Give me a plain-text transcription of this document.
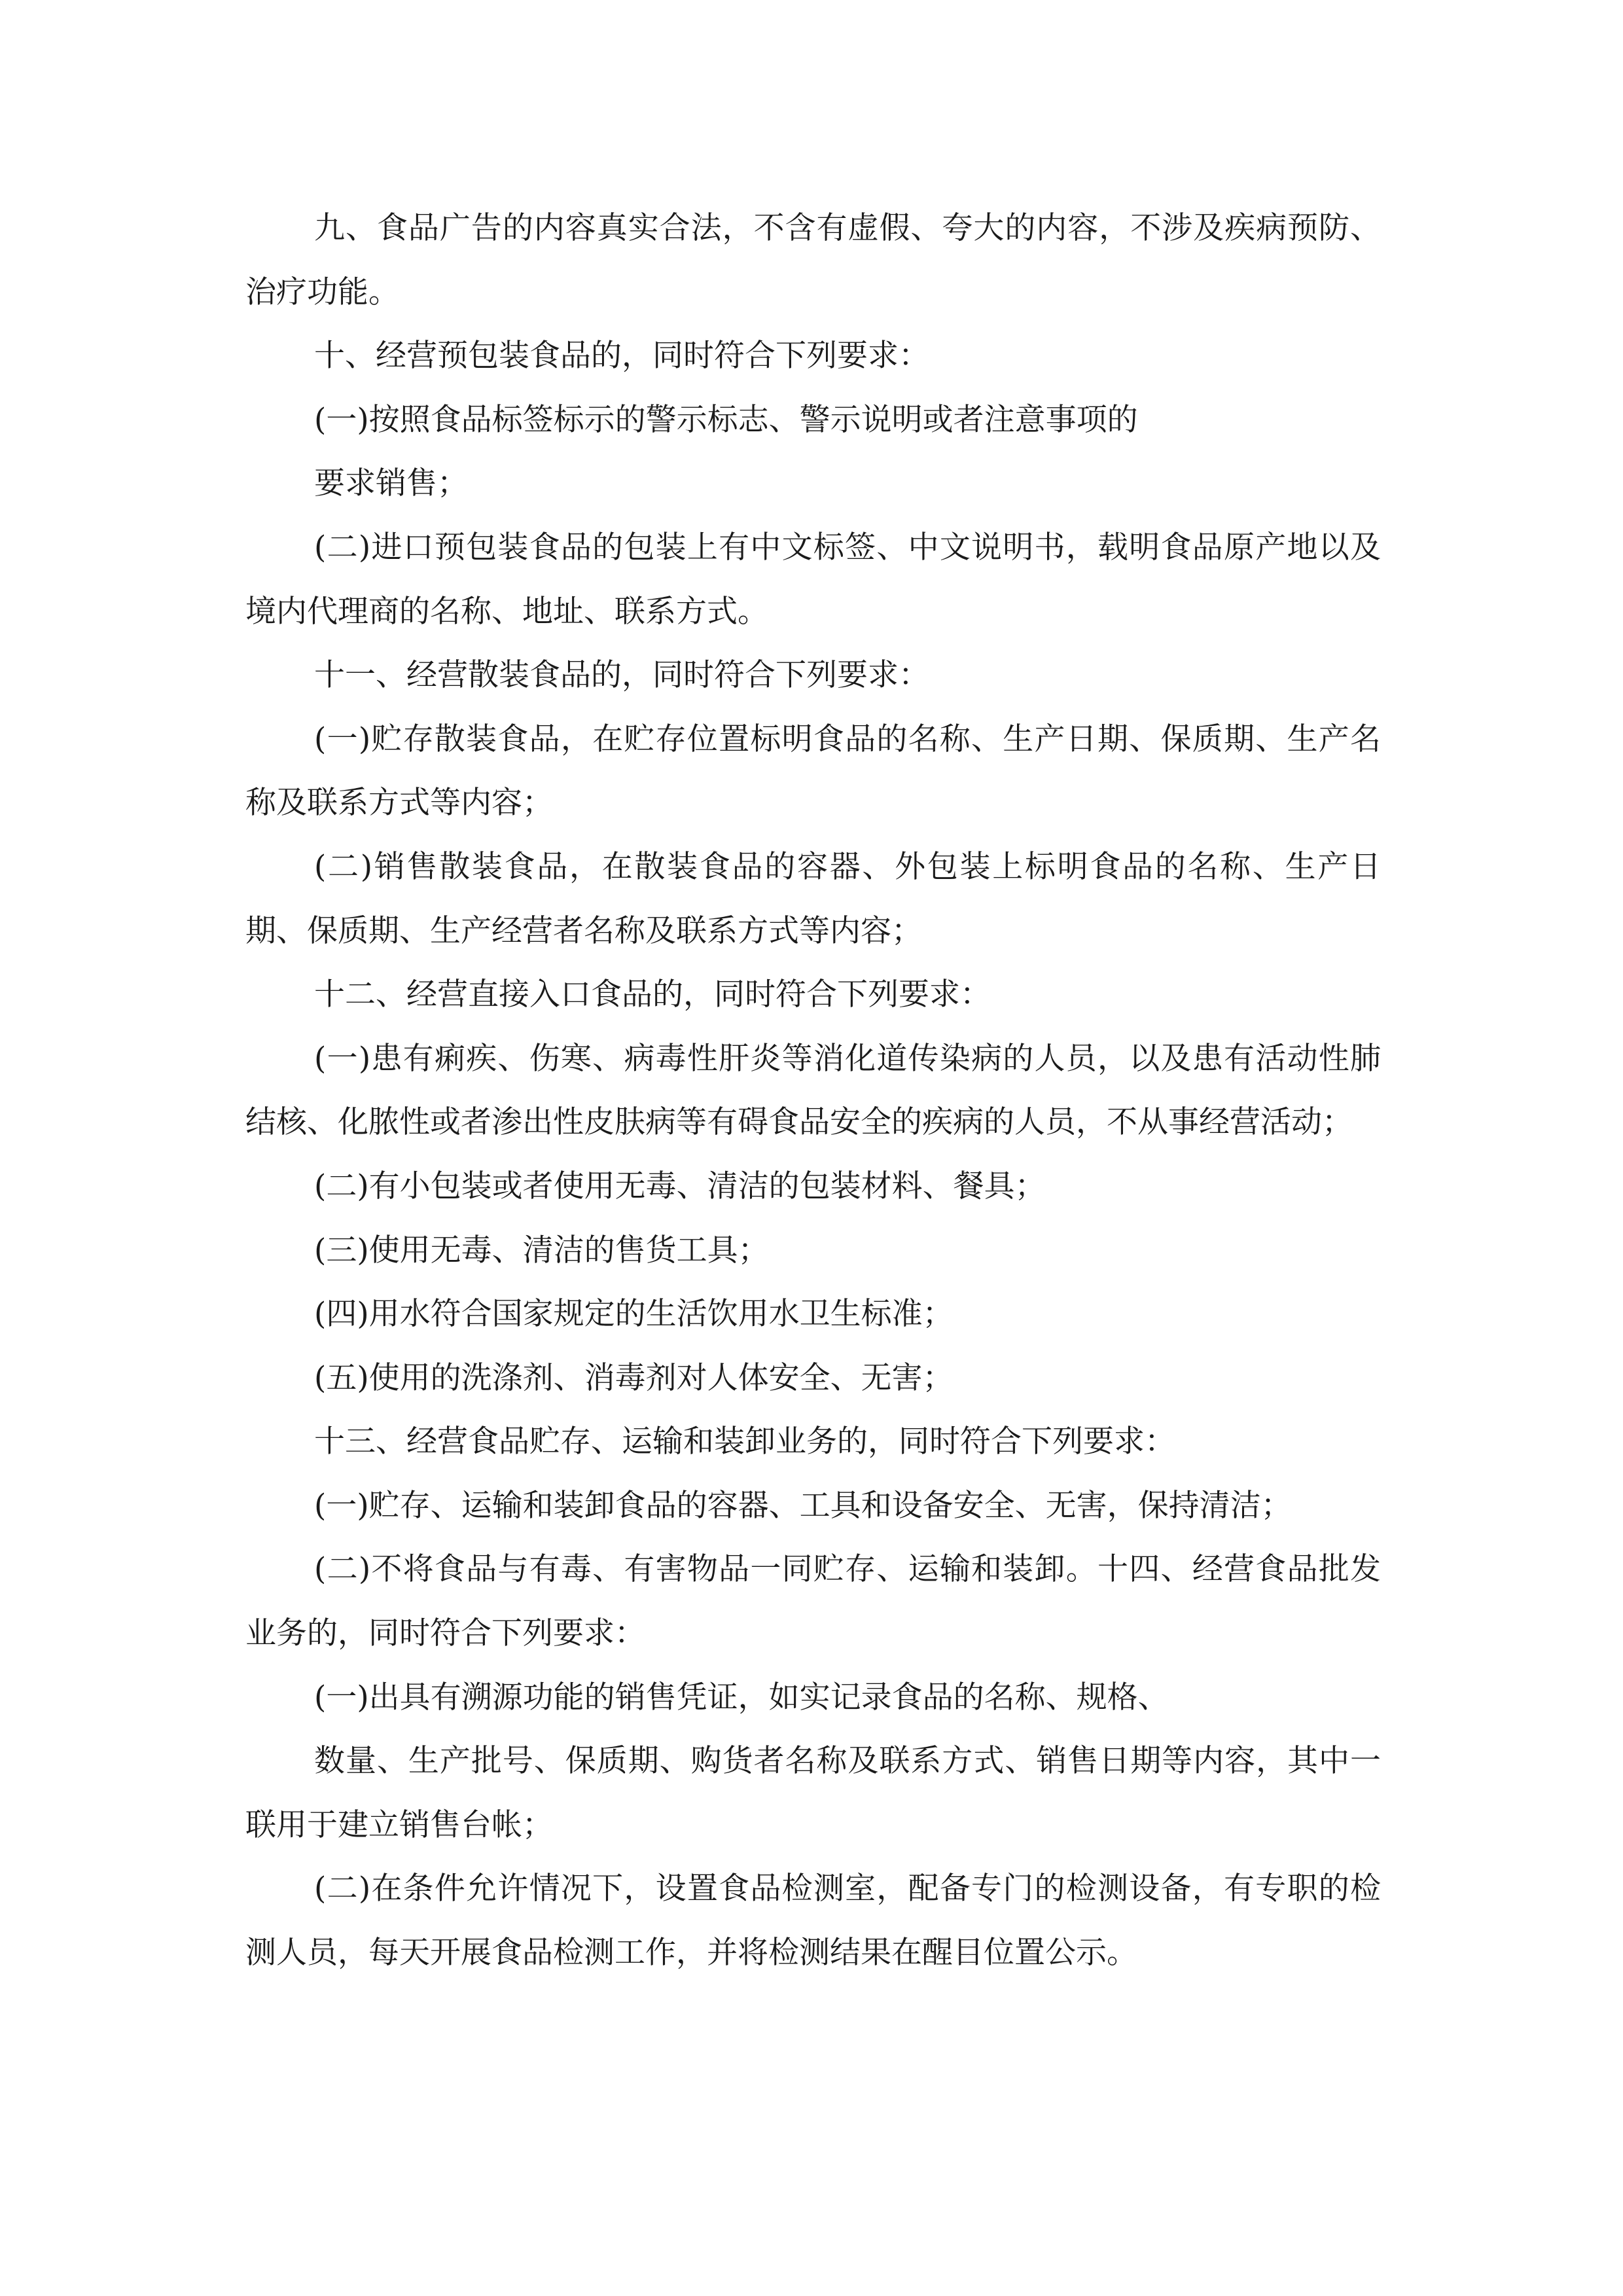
九、食品广告的内容真实合法，不含有虚假、夸大的内容，不涉及疾病预防、治疗功能。

十、经营预包装食品的，同时符合下列要求：

(一)按照食品标签标示的警示标志、警示说明或者注意事项的

要求销售；

(二)进口预包装食品的包装上有中文标签、中文说明书，载明食品原产地以及境内代理商的名称、地址、联系方式。

十一、经营散装食品的，同时符合下列要求：

(一)贮存散装食品，在贮存位置标明食品的名称、生产日期、保质期、生产名称及联系方式等内容；

(二)销售散装食品，在散装食品的容器、外包装上标明食品的名称、生产日期、保质期、生产经营者名称及联系方式等内容；

十二、经营直接入口食品的，同时符合下列要求：

(一)患有痢疾、伤寒、病毒性肝炎等消化道传染病的人员，以及患有活动性肺结核、化脓性或者渗出性皮肤病等有碍食品安全的疾病的人员，不从事经营活动；

(二)有小包装或者使用无毒、清洁的包装材料、餐具；

(三)使用无毒、清洁的售货工具；

(四)用水符合国家规定的生活饮用水卫生标准；

(五)使用的洗涤剂、消毒剂对人体安全、无害；

十三、经营食品贮存、运输和装卸业务的，同时符合下列要求：

(一)贮存、运输和装卸食品的容器、工具和设备安全、无害，保持清洁；

(二)不将食品与有毒、有害物品一同贮存、运输和装卸。十四、经营食品批发业务的，同时符合下列要求：

(一)出具有溯源功能的销售凭证，如实记录食品的名称、规格、

数量、生产批号、保质期、购货者名称及联系方式、销售日期等内容，其中一联用于建立销售台帐；

(二)在条件允许情况下，设置食品检测室，配备专门的检测设备，有专职的检测人员，每天开展食品检测工作，并将检测结果在醒目位置公示。
